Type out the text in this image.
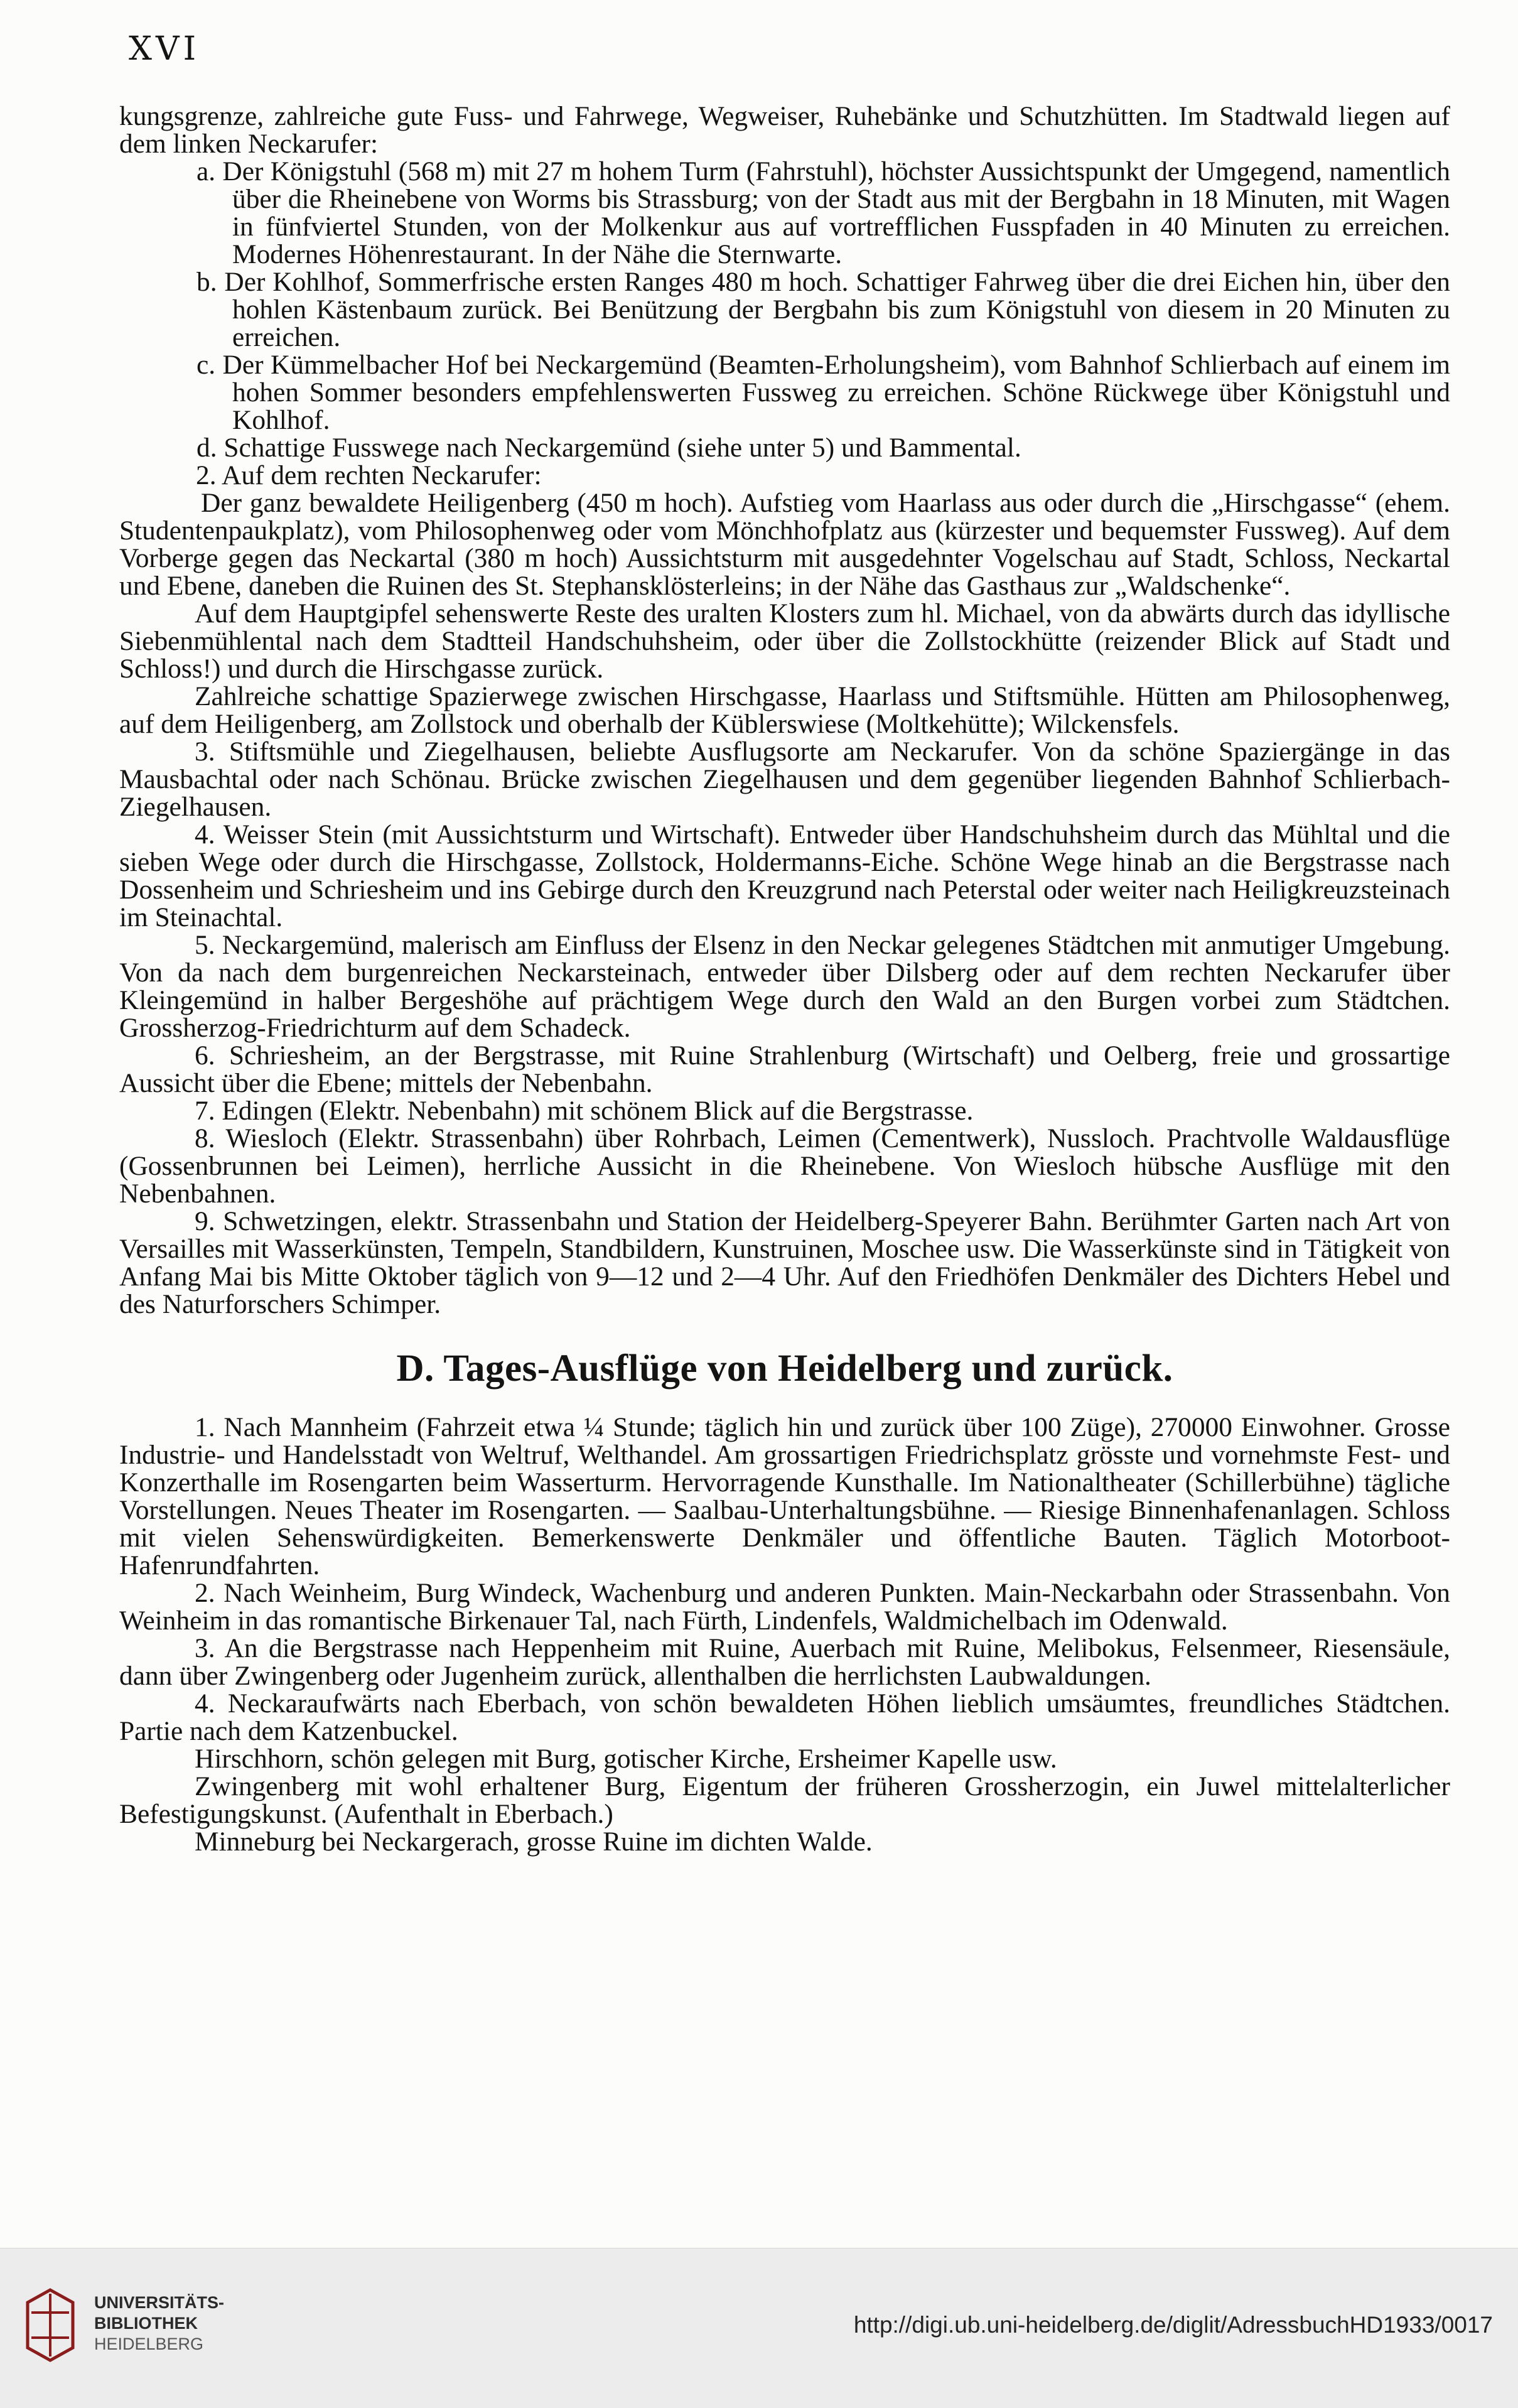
XVI

kungsgrenze, zahlreiche gute Fuss- und Fahrwege, Wegweiser, Ruhebänke und Schutzhütten. Im Stadtwald liegen auf dem linken Neckarufer:

a. Der Königstuhl (568 m) mit 27 m hohem Turm (Fahrstuhl), höchster Aussichtspunkt der Umgegend, namentlich über die Rheinebene von Worms bis Strassburg; von der Stadt aus mit der Bergbahn in 18 Minuten, mit Wagen in fünfviertel Stunden, von der Molkenkur aus auf vortrefflichen Fusspfaden in 40 Minuten zu erreichen. Modernes Höhenrestaurant. In der Nähe die Sternwarte.

b. Der Kohlhof, Sommerfrische ersten Ranges 480 m hoch. Schattiger Fahrweg über die drei Eichen hin, über den hohlen Kästenbaum zurück. Bei Benützung der Bergbahn bis zum Königstuhl von diesem in 20 Minuten zu erreichen.

c. Der Kümmelbacher Hof bei Neckargemünd (Beamten-Erholungsheim), vom Bahnhof Schlierbach auf einem im hohen Sommer besonders empfehlenswerten Fussweg zu erreichen. Schöne Rückwege über Königstuhl und Kohlhof.

d. Schattige Fusswege nach Neckargemünd (siehe unter 5) und Bammental.

2. Auf dem rechten Neckarufer:

Der ganz bewaldete Heiligenberg (450 m hoch). Aufstieg vom Haarlass aus oder durch die „Hirschgasse“ (ehem. Studentenpaukplatz), vom Philosophenweg oder vom Mönchhofplatz aus (kürzester und bequemster Fussweg). Auf dem Vorberge gegen das Neckartal (380 m hoch) Aussichtsturm mit ausgedehnter Vogelschau auf Stadt, Schloss, Neckartal und Ebene, daneben die Ruinen des St. Stephansklösterleins; in der Nähe das Gasthaus zur „Waldschenke“.

Auf dem Hauptgipfel sehenswerte Reste des uralten Klosters zum hl. Michael, von da abwärts durch das idyllische Siebenmühlental nach dem Stadtteil Handschuhsheim, oder über die Zollstockhütte (reizender Blick auf Stadt und Schloss!) und durch die Hirschgasse zurück.

Zahlreiche schattige Spazierwege zwischen Hirschgasse, Haarlass und Stiftsmühle. Hütten am Philosophenweg, auf dem Heiligenberg, am Zollstock und oberhalb der Küblerswiese (Moltkehütte); Wilckensfels.

3. Stiftsmühle und Ziegelhausen, beliebte Ausflugsorte am Neckarufer. Von da schöne Spaziergänge in das Mausbachtal oder nach Schönau. Brücke zwischen Ziegelhausen und dem gegenüber liegenden Bahnhof Schlierbach-Ziegelhausen.

4. Weisser Stein (mit Aussichtsturm und Wirtschaft). Entweder über Handschuhsheim durch das Mühltal und die sieben Wege oder durch die Hirschgasse, Zollstock, Holdermanns-Eiche. Schöne Wege hinab an die Bergstrasse nach Dossenheim und Schriesheim und ins Gebirge durch den Kreuzgrund nach Peterstal oder weiter nach Heiligkreuzsteinach im Steinachtal.

5. Neckargemünd, malerisch am Einfluss der Elsenz in den Neckar gelegenes Städtchen mit anmutiger Umgebung. Von da nach dem burgenreichen Neckarsteinach, entweder über Dilsberg oder auf dem rechten Neckarufer über Kleingemünd in halber Bergeshöhe auf prächtigem Wege durch den Wald an den Burgen vorbei zum Städtchen. Grossherzog-Friedrichturm auf dem Schadeck.

6. Schriesheim, an der Bergstrasse, mit Ruine Strahlenburg (Wirtschaft) und Oelberg, freie und grossartige Aussicht über die Ebene; mittels der Nebenbahn.

7. Edingen (Elektr. Nebenbahn) mit schönem Blick auf die Bergstrasse.

8. Wiesloch (Elektr. Strassenbahn) über Rohrbach, Leimen (Cementwerk), Nussloch. Prachtvolle Waldausflüge (Gossenbrunnen bei Leimen), herrliche Aussicht in die Rheinebene. Von Wiesloch hübsche Ausflüge mit den Nebenbahnen.

9. Schwetzingen, elektr. Strassenbahn und Station der Heidelberg-Speyerer Bahn. Berühmter Garten nach Art von Versailles mit Wasserkünsten, Tempeln, Standbildern, Kunstruinen, Moschee usw. Die Wasserkünste sind in Tätigkeit von Anfang Mai bis Mitte Oktober täglich von 9—12 und 2—4 Uhr. Auf den Friedhöfen Denkmäler des Dichters Hebel und des Naturforschers Schimper.

D. Tages-Ausflüge von Heidelberg und zurück.

1. Nach Mannheim (Fahrzeit etwa ¼ Stunde; täglich hin und zurück über 100 Züge), 270000 Einwohner. Grosse Industrie- und Handelsstadt von Weltruf, Welthandel. Am grossartigen Friedrichsplatz grösste und vornehmste Fest- und Konzerthalle im Rosengarten beim Wasserturm. Hervorragende Kunsthalle. Im Nationaltheater (Schillerbühne) tägliche Vorstellungen. Neues Theater im Rosengarten. — Saalbau-Unterhaltungsbühne. — Riesige Binnenhafenanlagen. Schloss mit vielen Sehenswürdigkeiten. Bemerkenswerte Denkmäler und öffentliche Bauten. Täglich Motorboot-Hafenrundfahrten.

2. Nach Weinheim, Burg Windeck, Wachenburg und anderen Punkten. Main-Neckarbahn oder Strassenbahn. Von Weinheim in das romantische Birkenauer Tal, nach Fürth, Lindenfels, Waldmichelbach im Odenwald.

3. An die Bergstrasse nach Heppenheim mit Ruine, Auerbach mit Ruine, Melibokus, Felsenmeer, Riesensäule, dann über Zwingenberg oder Jugenheim zurück, allenthalben die herrlichsten Laubwaldungen.

4. Neckaraufwärts nach Eberbach, von schön bewaldeten Höhen lieblich umsäumtes, freundliches Städtchen. Partie nach dem Katzenbuckel.

Hirschhorn, schön gelegen mit Burg, gotischer Kirche, Ersheimer Kapelle usw.

Zwingenberg mit wohl erhaltener Burg, Eigentum der früheren Grossherzogin, ein Juwel mittelalterlicher Befestigungskunst. (Aufenthalt in Eberbach.)

Minneburg bei Neckargerach, grosse Ruine im dichten Walde.

UNIVERSITÄTS-
BIBLIOTHEK
HEIDELBERG
http://digi.ub.uni-heidelberg.de/diglit/AdressbuchHD1933/0017
